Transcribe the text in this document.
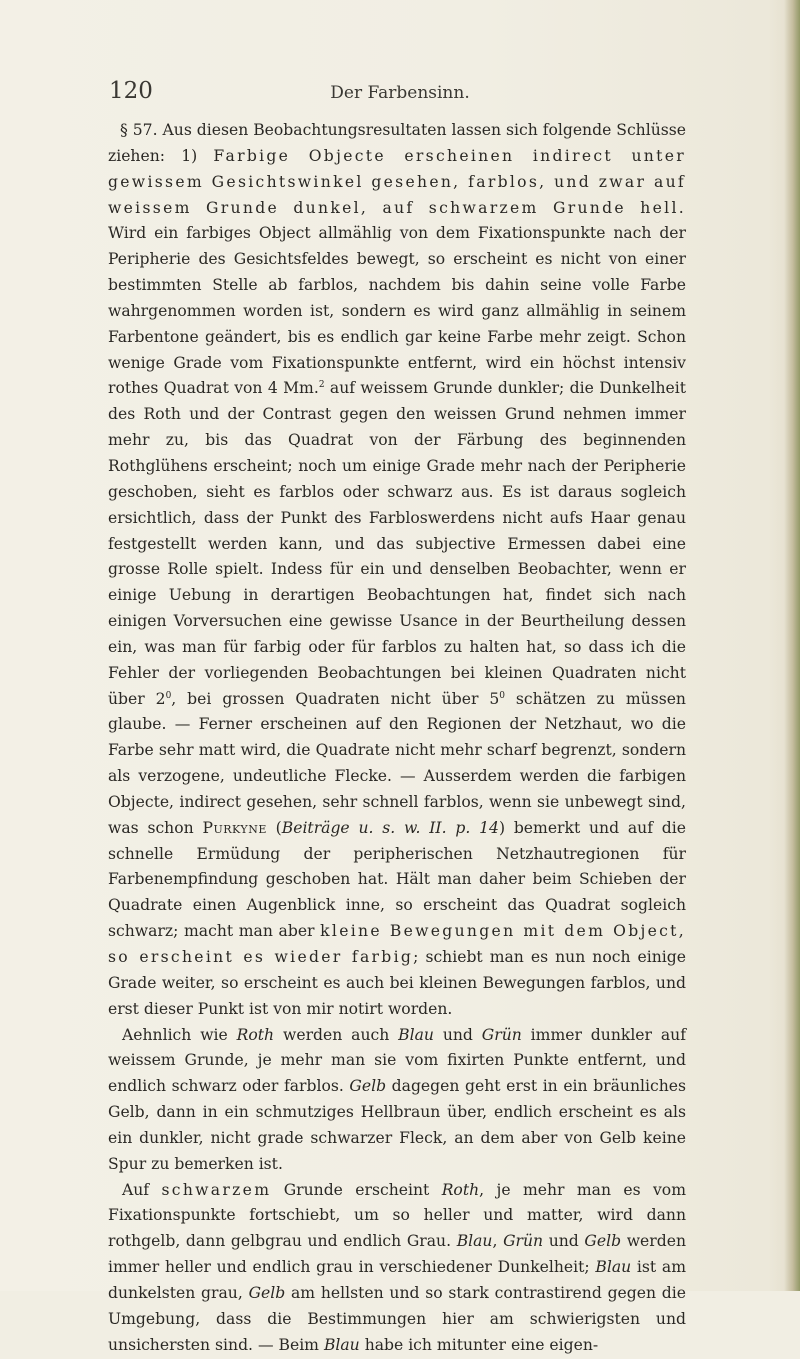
120	Der Farbensinn.

§ 57. Aus diesen Beobachtungsresultaten lassen sich folgende Schlüsse ziehen: 1) Farbige Objecte erscheinen indirect unter gewissem Gesichtswinkel gesehen, farblos, und zwar auf weissem Grunde dunkel, auf schwarzem Grunde hell. Wird ein farbiges Object allmählig von dem Fixationspunkte nach der Peripherie des Gesichtsfeldes bewegt, so erscheint es nicht von einer bestimmten Stelle ab farblos, nachdem bis dahin seine volle Farbe wahrgenommen worden ist, sondern es wird ganz allmählig in seinem Farbentone geändert, bis es endlich gar keine Farbe mehr zeigt. Schon wenige Grade vom Fixationspunkte entfernt, wird ein höchst intensiv rothes Quadrat von 4 Mm.$^2$ auf weissem Grunde dunkler; die Dunkelheit des Roth und der Contrast gegen den weissen Grund nehmen immer mehr zu, bis das Quadrat von der Färbung des beginnenden Rothglühens erscheint; noch um einige Grade mehr nach der Peripherie geschoben, sieht es farblos oder schwarz aus. Es ist daraus sogleich ersichtlich, dass der Punkt des Farbloswerdens nicht aufs Haar genau festgestellt werden kann, und das subjective Ermessen dabei eine grosse Rolle spielt. Indess für ein und denselben Beobachter, wenn er einige Uebung in derartigen Beobachtungen hat, findet sich nach einigen Vorversuchen eine gewisse Usance in der Beurtheilung dessen ein, was man für farbig oder für farblos zu halten hat, so dass ich die Fehler der vorliegenden Beobachtungen bei kleinen Quadraten nicht über $2^0$, bei grossen Quadraten nicht über $5^0$ schätzen zu müssen glaube. — Ferner erscheinen auf den Regionen der Netzhaut, wo die Farbe sehr matt wird, die Quadrate nicht mehr scharf begrenzt, sondern als verzogene, undeutliche Flecke. — Ausserdem werden die farbigen Objecte, indirect gesehen, sehr schnell farblos, wenn sie unbewegt sind, was schon Purkyne (Beiträge u. s. w. II. p. 14) bemerkt und auf die schnelle Ermüdung der peripherischen Netzhautregionen für Farbenempfindung geschoben hat. Hält man daher beim Schieben der Quadrate einen Augenblick inne, so erscheint das Quadrat sogleich schwarz; macht man aber kleine Bewegungen mit dem Object, so erscheint es wieder farbig; schiebt man es nun noch einige Grade weiter, so erscheint es auch bei kleinen Bewegungen farblos, und erst dieser Punkt ist von mir notirt worden.

Aehnlich wie Roth werden auch Blau und Grün immer dunkler auf weissem Grunde, je mehr man sie vom fixirten Punkte entfernt, und endlich schwarz oder farblos. Gelb dagegen geht erst in ein bräunliches Gelb, dann in ein schmutziges Hellbraun über, endlich erscheint es als ein dunkler, nicht grade schwarzer Fleck, an dem aber von Gelb keine Spur zu bemerken ist.

Auf schwarzem Grunde erscheint Roth, je mehr man es vom Fixationspunkte fortschiebt, um so heller und matter, wird dann rothgelb, dann gelbgrau und endlich Grau. Blau, Grün und Gelb werden immer heller und endlich grau in verschiedener Dunkelheit; Blau ist am dunkelsten grau, Gelb am hellsten und so stark contrastirend gegen die Umgebung, dass die Bestimmungen hier am schwierigsten und unsichersten sind. — Beim Blau habe ich mitunter eine eigen-
